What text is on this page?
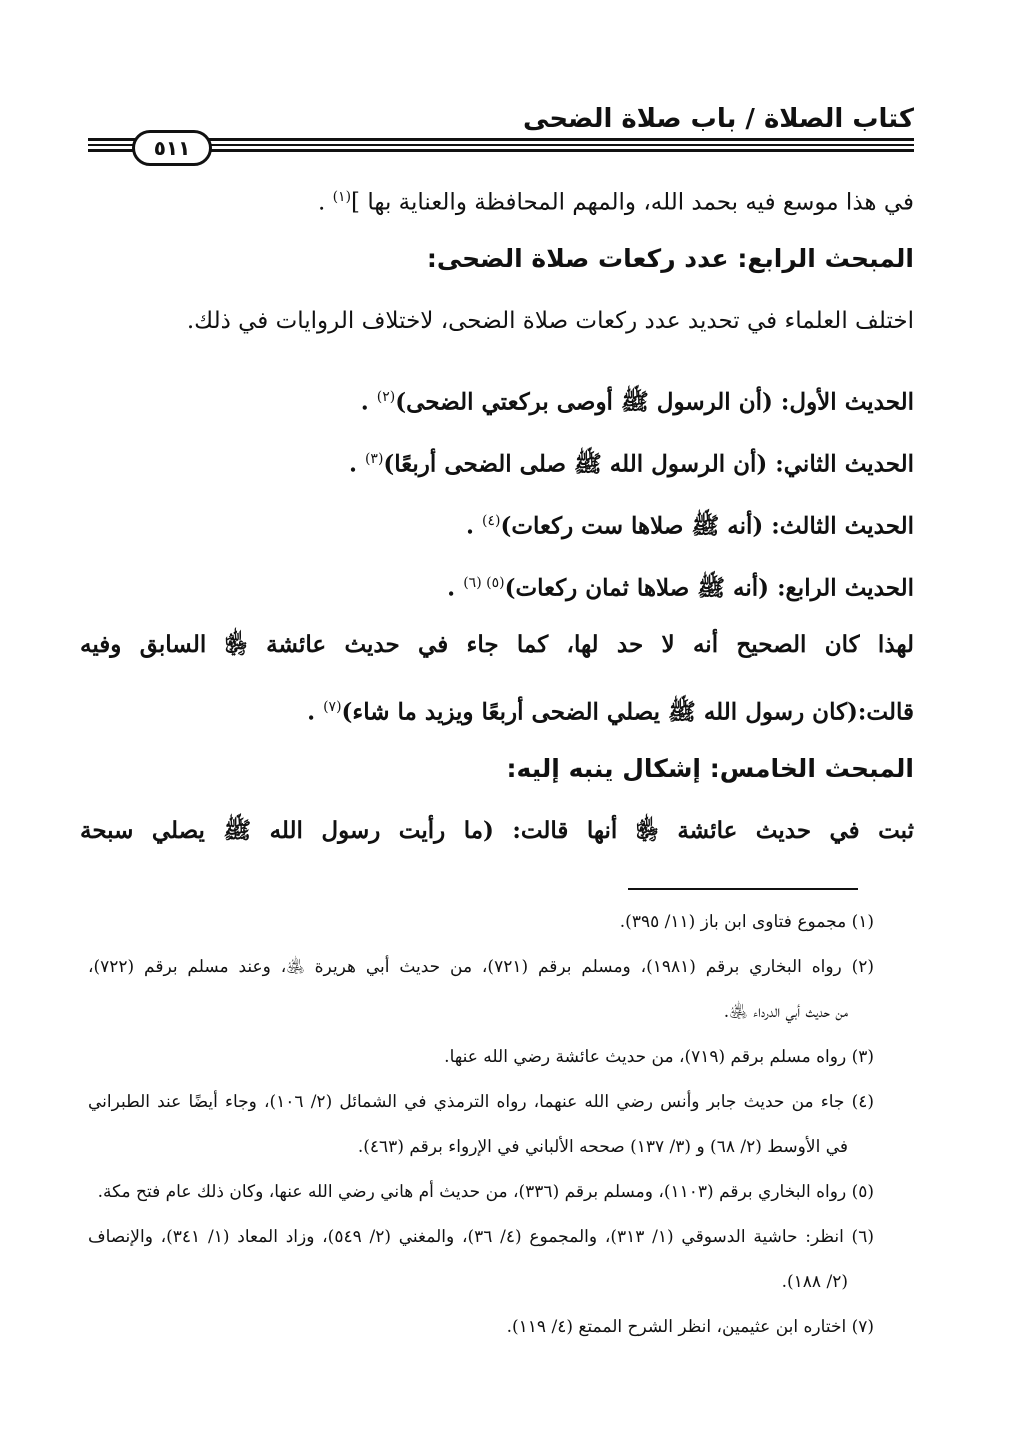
كتاب الصلاة / باب صلاة الضحى
٥١١
في هذا موسع فيه بحمد الله، والمهم المحافظة والعناية بها ]$^{(١)}$ .
المبحث الرابع: عدد ركعات صلاة الضحى:
اختلف العلماء في تحديد عدد ركعات صلاة الضحى، لاختلاف الروايات في ذلك.
الحديث الأول: (أن الرسول ﷺ أوصى بركعتي الضحى)$^{(٢)}$ .
الحديث الثاني: (أن الرسول الله ﷺ صلى الضحى أربعًا)$^{(٣)}$ .
الحديث الثالث: (أنه ﷺ صلاها ست ركعات)$^{(٤)}$ .
الحديث الرابع: (أنه ﷺ صلاها ثمان ركعات)$^{(٥) (٦)}$ .
لهذا كان الصحيح أنه لا حد لها، كما جاء في حديث عائشة ﵂ السابق وفيه
قالت:(كان رسول الله ﷺ يصلي الضحى أربعًا ويزيد ما شاء)$^{(٧)}$ .
المبحث الخامس: إشكال ينبه إليه:
ثبت في حديث عائشة ﵂ أنها قالت: (ما رأيت رسول الله ﷺ يصلي سبحة
(١) مجموع فتاوى ابن باز (١١/ ٣٩٥).
(٢) رواه البخاري برقم (١٩٨١)، ومسلم برقم (٧٢١)، من حديث أبي هريرة ﵁، وعند مسلم برقم (٧٢٢)،
من حديث أبي الدرداء ﵁.
(٣) رواه مسلم برقم (٧١٩)، من حديث عائشة رضي الله عنها.
(٤) جاء من حديث جابر وأنس رضي الله عنهما، رواه الترمذي في الشمائل (٢/ ١٠٦)، وجاء أيضًا عند الطبراني
في الأوسط (٢/ ٦٨) و (٣/ ١٣٧) صححه الألباني في الإرواء برقم (٤٦٣).
(٥) رواه البخاري برقم (١١٠٣)، ومسلم برقم (٣٣٦)، من حديث أم هاني رضي الله عنها، وكان ذلك عام فتح مكة.
(٦) انظر: حاشية الدسوقي (١/ ٣١٣)، والمجموع (٤/ ٣٦)، والمغني (٢/ ٥٤٩)، وزاد المعاد (١/ ٣٤١)، والإنصاف
(٢/ ١٨٨).
(٧) اختاره ابن عثيمين، انظر الشرح الممتع (٤/ ١١٩).
